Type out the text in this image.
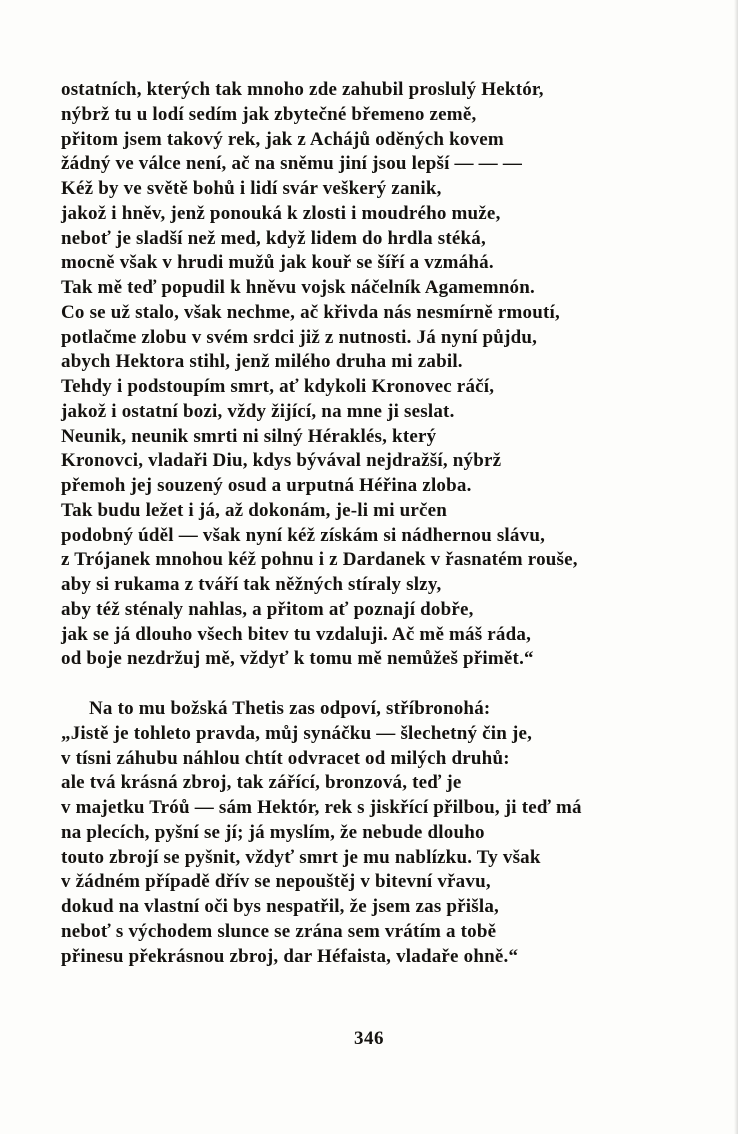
ostatních, kterých tak mnoho zde zahubil proslulý Hektór,
nýbrž tu u lodí sedím jak zbytečné břemeno země,
přitom jsem takový rek, jak z Achájů oděných kovem
žádný ve válce není, ač na sněmu jiní jsou lepší — — —
Kéž by ve světě bohů i lidí svár veškerý zanik,
jakož i hněv, jenž ponouká k zlosti i moudrého muže,
neboť je sladší než med, když lidem do hrdla stéká,
mocně však v hrudi mužů jak kouř se šíří a vzmáhá.
Tak mě teď popudil k hněvu vojsk náčelník Agamemnón.
Co se už stalo, však nechme, ač křivda nás nesmírně rmoutí,
potlačme zlobu v svém srdci již z nutnosti. Já nyní půjdu,
abych Hektora stihl, jenž milého druha mi zabil.
Tehdy i podstoupím smrt, ať kdykoli Kronovec ráčí,
jakož i ostatní bozi, vždy žijící, na mne ji seslat.
Neunik, neunik smrti ni silný Héraklés, který
Kronovci, vladaři Diu, kdys bývával nejdražší, nýbrž
přemoh jej souzený osud a urputná Héřina zloba.
Tak budu ležet i já, až dokonám, je-li mi určen
podobný úděl — však nyní kéž získám si nádhernou slávu,
z Trójanek mnohou kéž pohnu i z Dardanek v řasnatém rouše,
aby si rukama z tváří tak něžných stíraly slzy,
aby též sténaly nahlas, a přitom ať poznají dobře,
jak se já dlouho všech bitev tu vzdaluji. Ač mě máš ráda,
od boje nezdržuj mě, vždyť k tomu mě nemůžeš přimět.“
Na to mu božská Thetis zas odpoví, stříbronohá:
„Jistě je tohleto pravda, můj synáčku — šlechetný čin je,
v tísni záhubu náhlou chtít odvracet od milých druhů:
ale tvá krásná zbroj, tak zářící, bronzová, teď je
v majetku Tróů — sám Hektór, rek s jiskřící přilbou, ji teď má
na plecích, pyšní se jí; já myslím, že nebude dlouho
touto zbrojí se pyšnit, vždyť smrt je mu nablízku. Ty však
v žádném případě dřív se nepouštěj v bitevní vřavu,
dokud na vlastní oči bys nespatřil, že jsem zas přišla,
neboť s východem slunce se zrána sem vrátím a tobě
přinesu překrásnou zbroj, dar Héfaista, vladaře ohně.“
346
